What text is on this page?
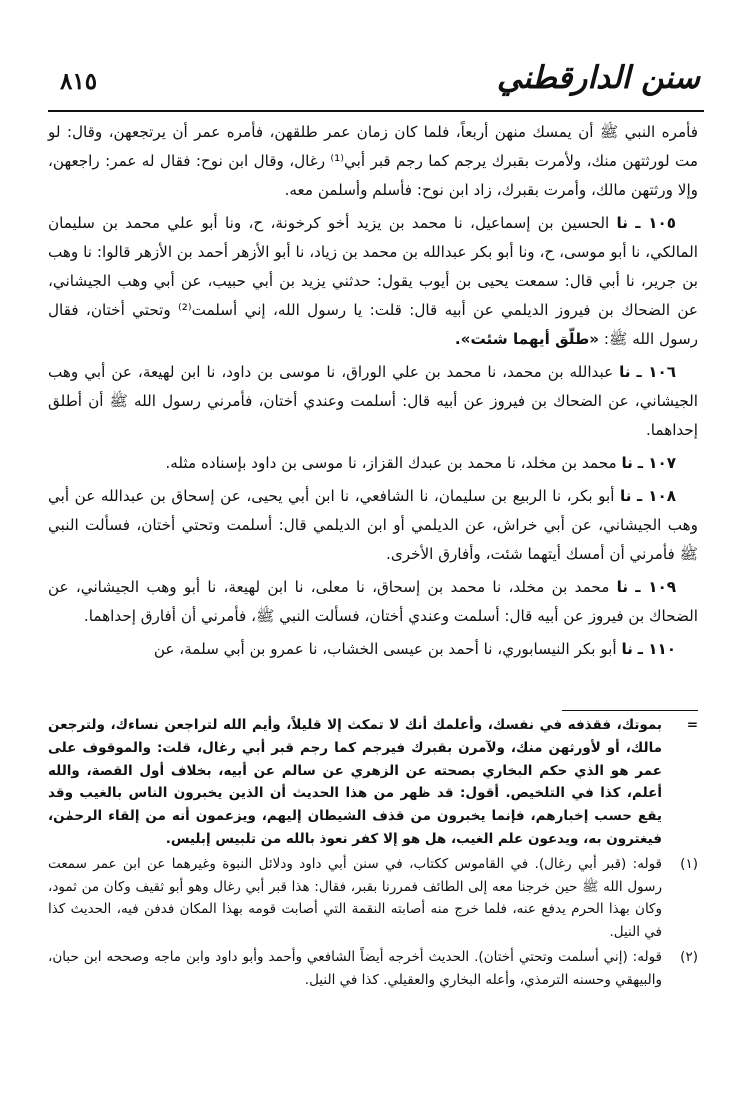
سنن الدارقطني
٨١٥

فأمره النبي ﷺ أن يمسك منهن أربعاً، فلما كان زمان عمر طلقهن، فأمره عمر أن يرتجعهن، وقال: لو مت لورثتهن منك، ولأمرت بقبرك يرجم كما رجم قبر أبي⁽¹⁾ رغال، وقال ابن نوح: فقال له عمر: راجعهن، وإلا ورثتهن مالك، وأمرت بقبرك، زاد ابن نوح: فأسلم وأسلمن معه.

١٠٥ ـ نا الحسين بن إسماعيل، نا محمد بن يزيد أخو كرخونة، ح، ونا أبو علي محمد بن سليمان المالكي، نا أبو موسى، ح، ونا أبو بكر عبدالله بن محمد بن زياد، نا أبو الأزهر أحمد بن الأزهر قالوا: نا وهب بن جرير، نا أبي قال: سمعت يحيى بن أيوب يقول: حدثني يزيد بن أبي حبيب، عن أبي وهب الجيشاني، عن الضحاك بن فيروز الديلمي عن أبيه قال: قلت: يا رسول الله، إني أسلمت⁽²⁾ وتحتي أختان، فقال رسول الله ﷺ: «طلّق أيهما شئت».

١٠٦ ـ نا عبدالله بن محمد، نا محمد بن علي الوراق، نا موسى بن داود، نا ابن لهيعة، عن أبي وهب الجيشاني، عن الضحاك بن فيروز عن أبيه قال: أسلمت وعندي أختان، فأمرني رسول الله ﷺ أن أطلق إحداهما.

١٠٧ ـ نا محمد بن مخلد، نا محمد بن عبدك القزاز، نا موسى بن داود بإسناده مثله.

١٠٨ ـ نا أبو بكر، نا الربيع بن سليمان، نا الشافعي، نا ابن أبي يحيى، عن إسحاق بن عبدالله عن أبي وهب الجيشاني، عن أبي خراش، عن الديلمي أو ابن الديلمي قال: أسلمت وتحتي أختان، فسألت النبي ﷺ فأمرني أن أمسك أيتهما شئت، وأفارق الأخرى.

١٠٩ ـ نا محمد بن مخلد، نا محمد بن إسحاق، نا معلى، نا ابن لهيعة، نا أبو وهب الجيشاني، عن الضحاك بن فيروز عن أبيه قال: أسلمت وعندي أختان، فسألت النبي ﷺ، فأمرني أن أفارق إحداهما.

١١٠ ـ نا أبو بكر النيسابوري، نا أحمد بن عيسى الخشاب، نا عمرو بن أبي سلمة، عن

=
بموتك، فقذفه في نفسك، وأعلمك أنك لا تمكث إلا قليلاً، وأيم الله لتراجعن نساءك، ولترجعن مالك، أو لأورثهن منك، ولآمرن بقبرك فيرجم كما رجم قبر أبي رغال، قلت: والموقوف على عمر هو الذي حكم البخاري بصحته عن الزهري عن سالم عن أبيه، بخلاف أول القصة، والله أعلم، كذا في التلخيص. أقول: قد ظهر من هذا الحديث أن الذين يخبرون الناس بالغيب وقد يقع حسب إخبارهم، فإنما يخبرون من قذف الشيطان إليهم، ويزعمون أنه من إلقاء الرحمٰن، فيغترون به، ويدعون علم الغيب، هل هو إلا كفر نعوذ بالله من تلبيس إبليس.
(١)
قوله: (قبر أبي رغال). في القاموس ككتاب، في سنن أبي داود ودلائل النبوة وغيرهما عن ابن عمر سمعت رسول الله ﷺ حين خرجنا معه إلى الطائف فمررنا بقبر، فقال: هذا قبر أبي رغال وهو أبو ثقيف وكان من ثمود، وكان بهذا الحرم يدفع عنه، فلما خرج منه أصابته النقمة التي أصابت قومه بهذا المكان فدفن فيه، الحديث كذا في النيل.
(٢)
قوله: (إني أسلمت وتحتي أختان). الحديث أخرجه أيضاً الشافعي وأحمد وأبو داود وابن ماجه وصححه ابن حبان، والبيهقي وحسنه الترمذي، وأعله البخاري والعقيلي. كذا في النيل.
